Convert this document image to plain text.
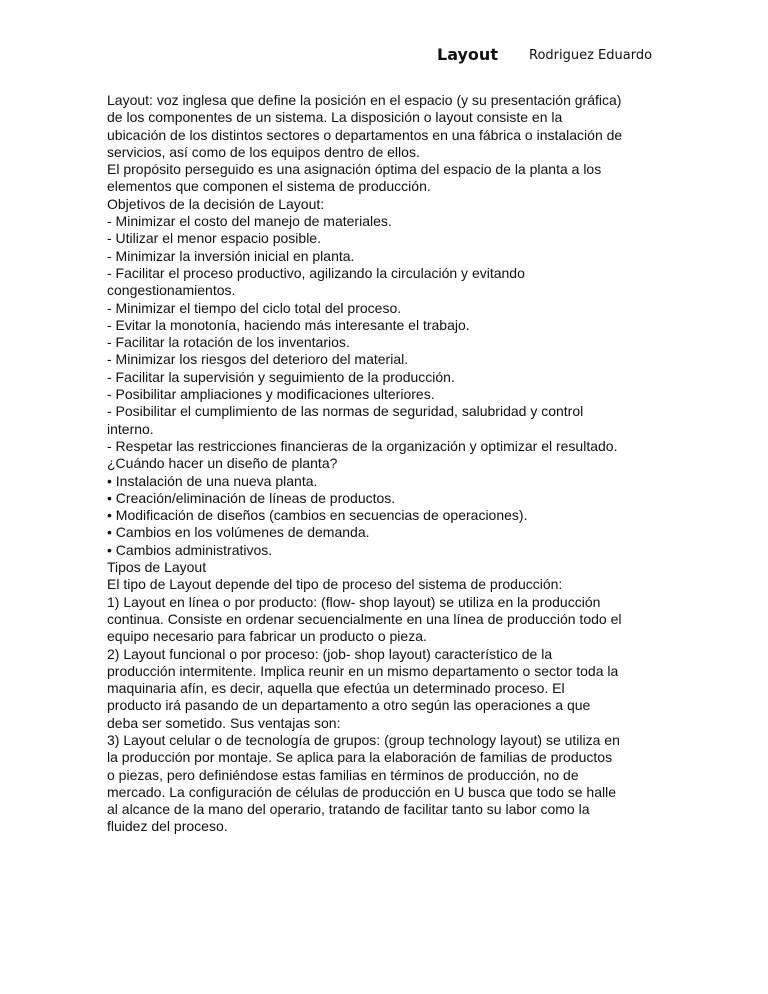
Layout Rodriguez Eduardo
Layout: voz inglesa que define la posición en el espacio (y su presentación gráfica)
de los componentes de un sistema. La disposición o layout consiste en la
ubicación de los distintos sectores o departamentos en una fábrica o instalación de
servicios, así como de los equipos dentro de ellos.
El propósito perseguido es una asignación óptima del espacio de la planta a los
elementos que componen el sistema de producción.
Objetivos de la decisión de Layout:
- Minimizar el costo del manejo de materiales.
- Utilizar el menor espacio posible.
- Minimizar la inversión inicial en planta.
- Facilitar el proceso productivo, agilizando la circulación y evitando
congestionamientos.
- Minimizar el tiempo del ciclo total del proceso.
- Evitar la monotonía, haciendo más interesante el trabajo.
- Facilitar la rotación de los inventarios.
- Minimizar los riesgos del deterioro del material.
- Facilitar la supervisión y seguimiento de la producción.
- Posibilitar ampliaciones y modificaciones ulteriores.
- Posibilitar el cumplimiento de las normas de seguridad, salubridad y control
interno.
- Respetar las restricciones financieras de la organización y optimizar el resultado.
¿Cuándo hacer un diseño de planta?
• Instalación de una nueva planta.
• Creación/eliminación de líneas de productos.
• Modificación de diseños (cambios en secuencias de operaciones).
• Cambios en los volúmenes de demanda.
• Cambios administrativos.
Tipos de Layout
El tipo de Layout depende del tipo de proceso del sistema de producción:
1) Layout en línea o por producto: (flow- shop layout) se utiliza en la producción
continua. Consiste en ordenar secuencialmente en una línea de producción todo el
equipo necesario para fabricar un producto o pieza.
2) Layout funcional o por proceso: (job- shop layout) característico de la
producción intermitente. Implica reunir en un mismo departamento o sector toda la
maquinaria afín, es decir, aquella que efectúa un determinado proceso. El
producto irá pasando de un departamento a otro según las operaciones a que
deba ser sometido. Sus ventajas son:
3) Layout celular o de tecnología de grupos: (group technology layout) se utiliza en
la producción por montaje. Se aplica para la elaboración de familias de productos
o piezas, pero definiéndose estas familias en términos de producción, no de
mercado. La configuración de células de producción en U busca que todo se halle
al alcance de la mano del operario, tratando de facilitar tanto su labor como la
fluidez del proceso.
